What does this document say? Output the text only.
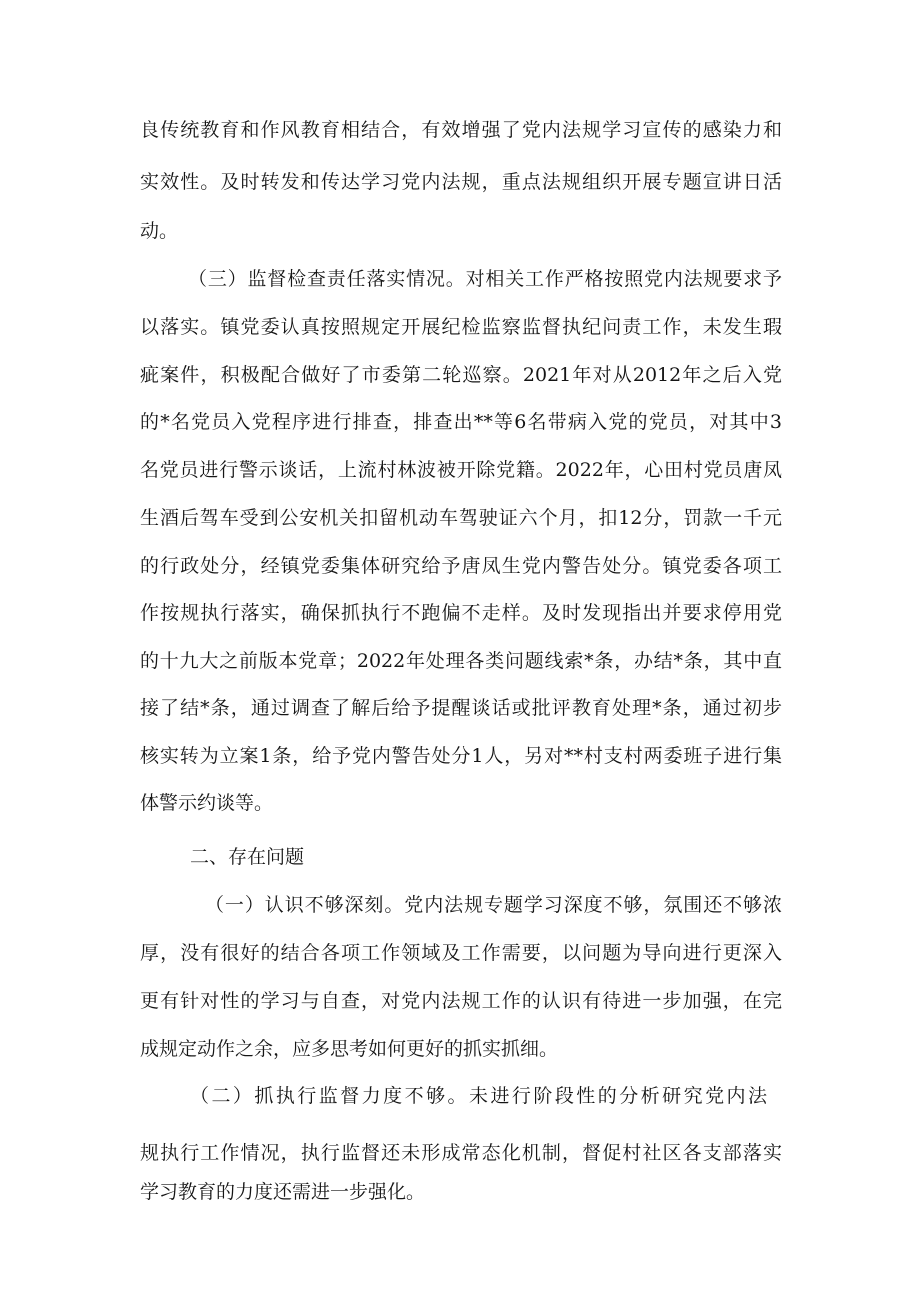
良传统教育和作风教育相结合，有效增强了党内法规学习宣传的感染力和
实效性。及时转发和传达学习党内法规，重点法规组织开展专题宣讲日活
动。
（三）监督检查责任落实情况。对相关工作严格按照党内法规要求予
以落实。镇党委认真按照规定开展纪检监察监督执纪问责工作，未发生瑕
疵案件，积极配合做好了市委第二轮巡察。2021年对从2012年之后入党
的*名党员入党程序进行排查，排查出**等6名带病入党的党员，对其中3
名党员进行警示谈话，上流村林波被开除党籍。2022年，心田村党员唐凤
生酒后驾车受到公安机关扣留机动车驾驶证六个月，扣12分，罚款一千元
的行政处分，经镇党委集体研究给予唐凤生党内警告处分。镇党委各项工
作按规执行落实，确保抓执行不跑偏不走样。及时发现指出并要求停用党
的十九大之前版本党章；2022年处理各类问题线索*条，办结*条，其中直
接了结*条，通过调查了解后给予提醒谈话或批评教育处理*条，通过初步
核实转为立案1条，给予党内警告处分1人，另对**村支村两委班子进行集
体警示约谈等。
二、存在问题
（一）认识不够深刻。党内法规专题学习深度不够，氛围还不够浓
厚，没有很好的结合各项工作领域及工作需要，以问题为导向进行更深入
更有针对性的学习与自查，对党内法规工作的认识有待进一步加强，在完
成规定动作之余，应多思考如何更好的抓实抓细。
（二）抓执行监督力度不够。未进行阶段性的分析研究党内法
规执行工作情况，执行监督还未形成常态化机制，督促村社区各支部落实
学习教育的力度还需进一步强化。
